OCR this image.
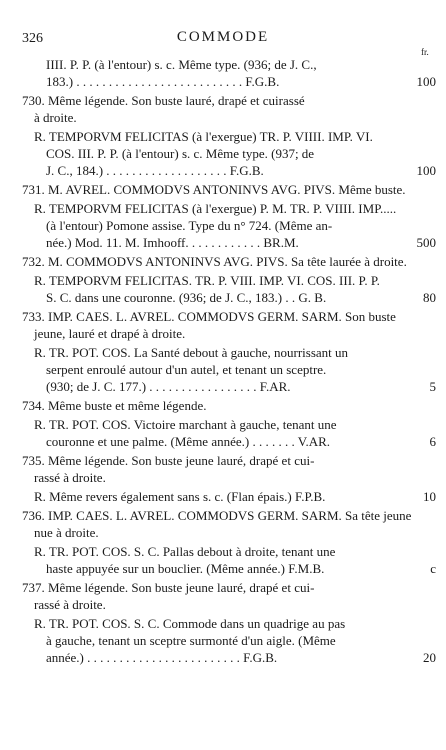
326	COMMODE
fr.
IIII. P. P. (à l'entour) s. c. Même type. (936; de J. C.,
183.) . . . . . . . . . . . . . . . . . . . . . . . . . . F.G.B.	100
730. Même légende. Son buste lauré, drapé et cuirassé
à droite.
R. TEMPORVM FELICITAS (à l'exergue) TR. P. VIIII. IMP. VI.
COS. III. P. P. (à l'entour) s. c. Même type. (937; de
J. C., 184.) . . . . . . . . . . . . . . . . . . . F.G.B.	100
731. M. AVREL. COMMODVS ANTONINVS AVG. PIVS. Même buste.
R. TEMPORVM FELICITAS (à l'exergue) P. M. TR. P. VIIII. IMP.....
(à l'entour) Pomone assise. Type du n° 724. (Même an-
née.) Mod. 11. M. Imhooff. . . . . . . . . . . . BR.M.	500
732. M. COMMODVS ANTONINVS AVG. PIVS. Sa tête laurée à droite.
R. TEMPORVM FELICITAS. TR. P. VIII. IMP. VI. COS. III. P. P.
S. C. dans une couronne. (936; de J. C., 183.) . . G. B.	80
733. IMP. CAES. L. AVREL. COMMODVS GERM. SARM. Son buste
jeune, lauré et drapé à droite.
R. TR. POT. COS. La Santé debout à gauche, nourrissant un
serpent enroulé autour d'un autel, et tenant un sceptre.
(930; de J. C. 177.) . . . . . . . . . . . . . . . . . F.AR.	5
734. Même buste et même légende.
R. TR. POT. COS. Victoire marchant à gauche, tenant une
couronne et une palme. (Même année.) . . . . . . . V.AR.	6
735. Même légende. Son buste jeune lauré, drapé et cui-
rassé à droite.
R. Même revers également sans s. c. (Flan épais.) F.P.B.	10
736. IMP. CAES. L. AVREL. COMMODVS GERM. SARM. Sa tête jeune
nue à droite.
R. TR. POT. COS. S. C. Pallas debout à droite, tenant une
haste appuyée sur un bouclier. (Même année.) F.M.B.	c
737. Même légende. Son buste jeune lauré, drapé et cui-
rassé à droite.
R. TR. POT. COS. S. C. Commode dans un quadrige au pas
à gauche, tenant un sceptre surmonté d'un aigle. (Même
année.) . . . . . . . . . . . . . . . . . . . . . . . . F.G.B.	20
